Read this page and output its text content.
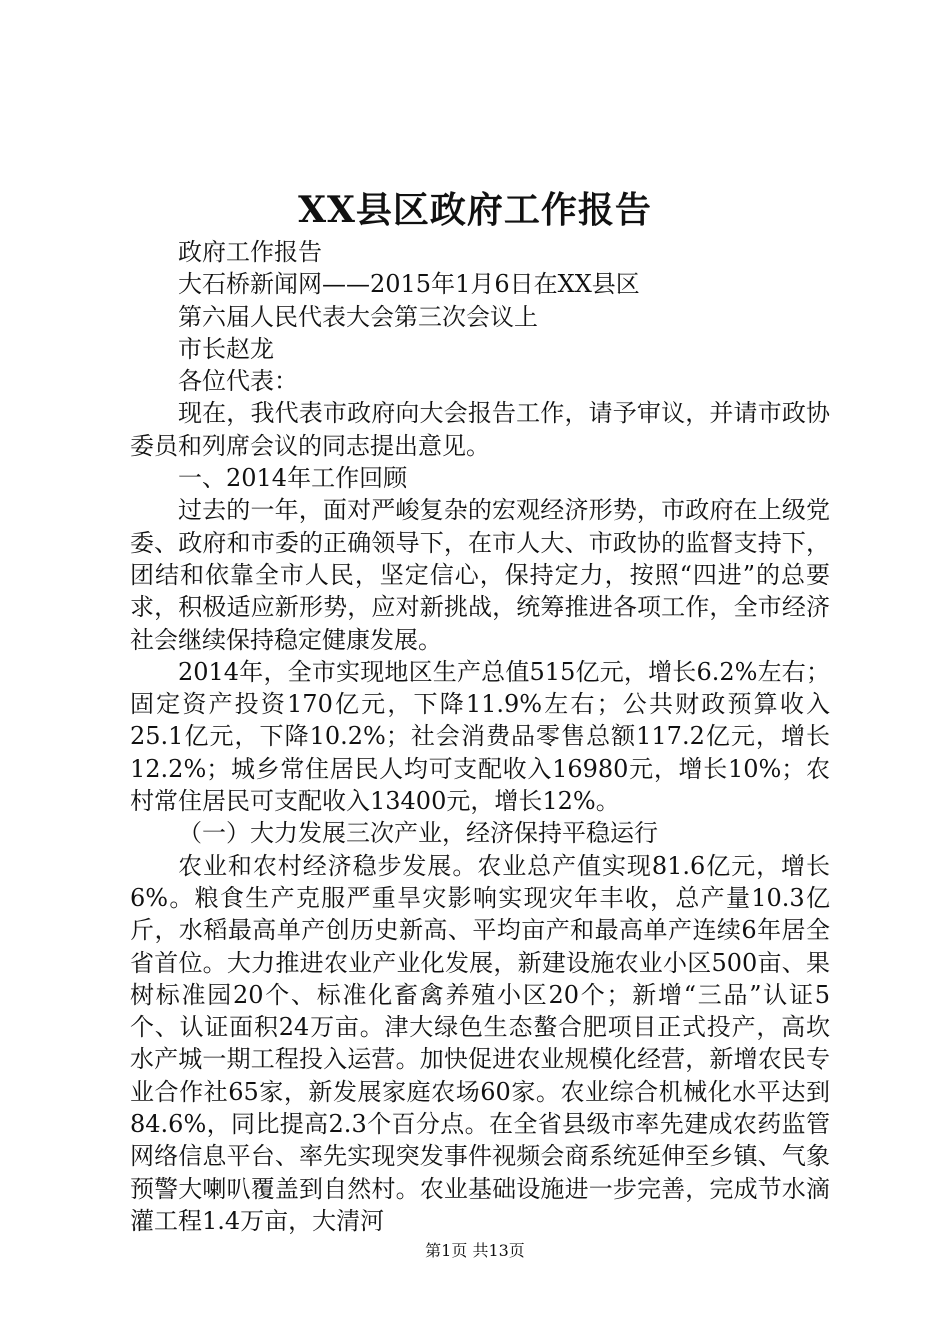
XX县区政府工作报告

政府工作报告

大石桥新闻网——2015年1月6日在XX县区

第六届人民代表大会第三次会议上

市长赵龙

各位代表：

现在，我代表市政府向大会报告工作，请予审议，并请市政协委员和列席会议的同志提出意见。

一、2014年工作回顾

过去的一年，面对严峻复杂的宏观经济形势，市政府在上级党委、政府和市委的正确领导下，在市人大、市政协的监督支持下，团结和依靠全市人民，坚定信心，保持定力，按照“四进”的总要求，积极适应新形势，应对新挑战，统筹推进各项工作，全市经济社会继续保持稳定健康发展。

2014年，全市实现地区生产总值515亿元，增长6.2%左右；固定资产投资170亿元，下降11.9%左右；公共财政预算收入25.1亿元，下降10.2%；社会消费品零售总额117.2亿元，增长12.2%；城乡常住居民人均可支配收入16980元，增长10%；农村常住居民可支配收入13400元，增长12%。

（一）大力发展三次产业，经济保持平稳运行

农业和农村经济稳步发展。农业总产值实现81.6亿元，增长6%。粮食生产克服严重旱灾影响实现灾年丰收，总产量10.3亿斤，水稻最高单产创历史新高、平均亩产和最高单产连续6年居全省首位。大力推进农业产业化发展，新建设施农业小区500亩、果树标准园20个、标准化畜禽养殖小区20个；新增“三品”认证5个、认证面积24万亩。津大绿色生态螯合肥项目正式投产，高坎水产城一期工程投入运营。加快促进农业规模化经营，新增农民专业合作社65家，新发展家庭农场60家。农业综合机械化水平达到84.6%，同比提高2.3个百分点。在全省县级市率先建成农药监管网络信息平台、率先实现突发事件视频会商系统延伸至乡镇、气象预警大喇叭覆盖到自然村。农业基础设施进一步完善，完成节水滴灌工程1.4万亩，大清河

第1页 共13页
